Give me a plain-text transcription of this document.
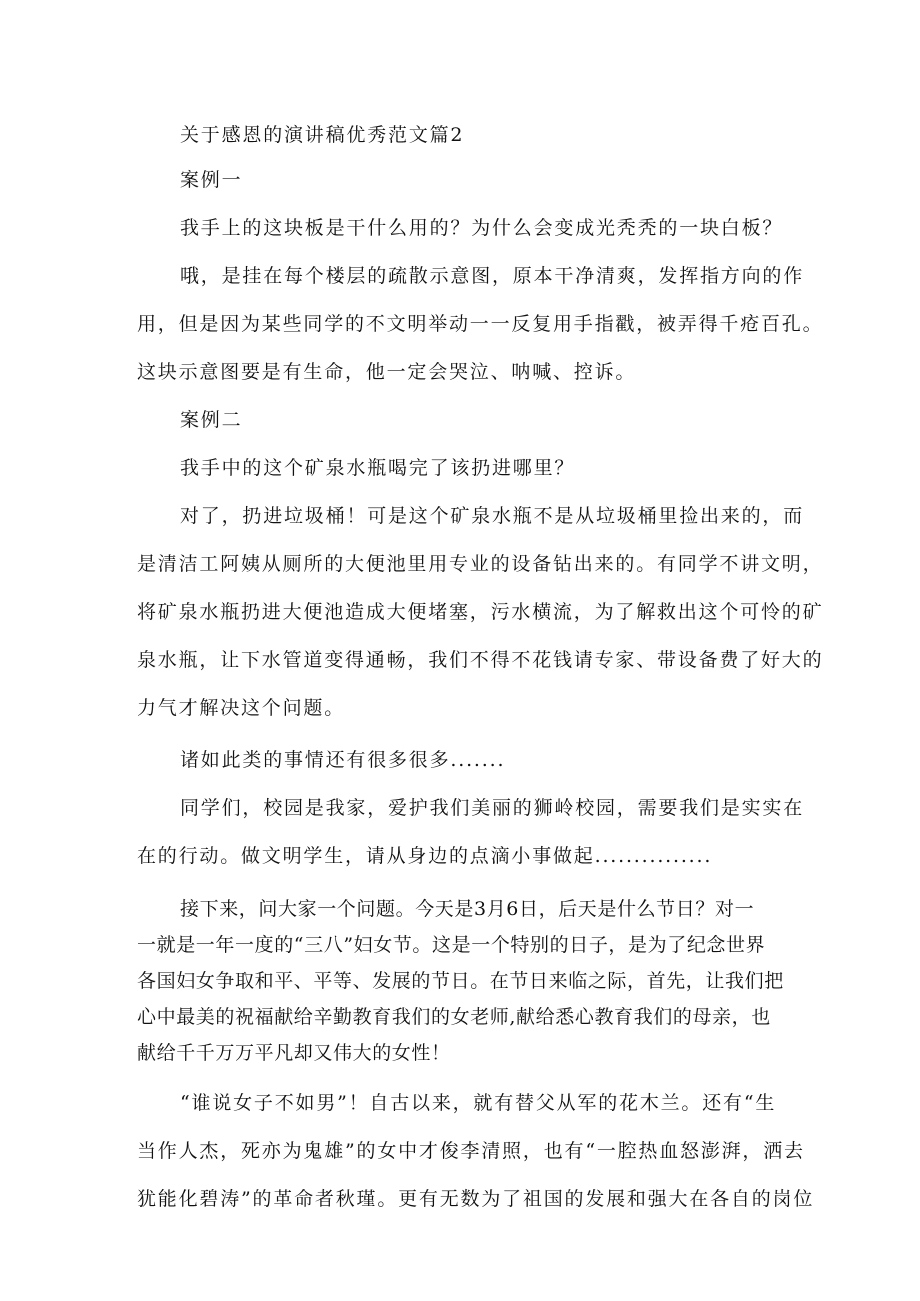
关于感恩的演讲稿优秀范文篇2
案例一
我手上的这块板是干什么用的？为什么会变成光秃秃的一块白板？
哦，是挂在每个楼层的疏散示意图，原本干净清爽，发挥指方向的作
用，但是因为某些同学的不文明举动一一反复用手指戳，被弄得千疮百孔。
这块示意图要是有生命，他一定会哭泣、呐喊、控诉。
案例二
我手中的这个矿泉水瓶喝完了该扔进哪里？
对了，扔进垃圾桶！可是这个矿泉水瓶不是从垃圾桶里捡出来的，而
是清洁工阿姨从厕所的大便池里用专业的设备钻出来的。有同学不讲文明，
将矿泉水瓶扔进大便池造成大便堵塞，污水横流，为了解救出这个可怜的矿
泉水瓶，让下水管道变得通畅，我们不得不花钱请专家、带设备费了好大的
力气才解决这个问题。
诸如此类的事情还有很多很多.......
同学们，校园是我家，爱护我们美丽的狮岭校园，需要我们是实实在
在的行动。做文明学生，请从身边的点滴小事做起...............
接下来，问大家一个问题。今天是3月6日，后天是什么节日？对一
一就是一年一度的“三八”妇女节。这是一个特别的日子，是为了纪念世界
各国妇女争取和平、平等、发展的节日。在节日来临之际，首先，让我们把
心中最美的祝福献给辛勤教育我们的女老师,献给悉心教育我们的母亲，也
献给千千万万平凡却又伟大的女性！
“谁说女子不如男”！自古以来，就有替父从军的花木兰。还有“生
当作人杰，死亦为鬼雄”的女中才俊李清照，也有“一腔热血怒澎湃，洒去
犹能化碧涛”的革命者秋瑾。更有无数为了祖国的发展和强大在各自的岗位
